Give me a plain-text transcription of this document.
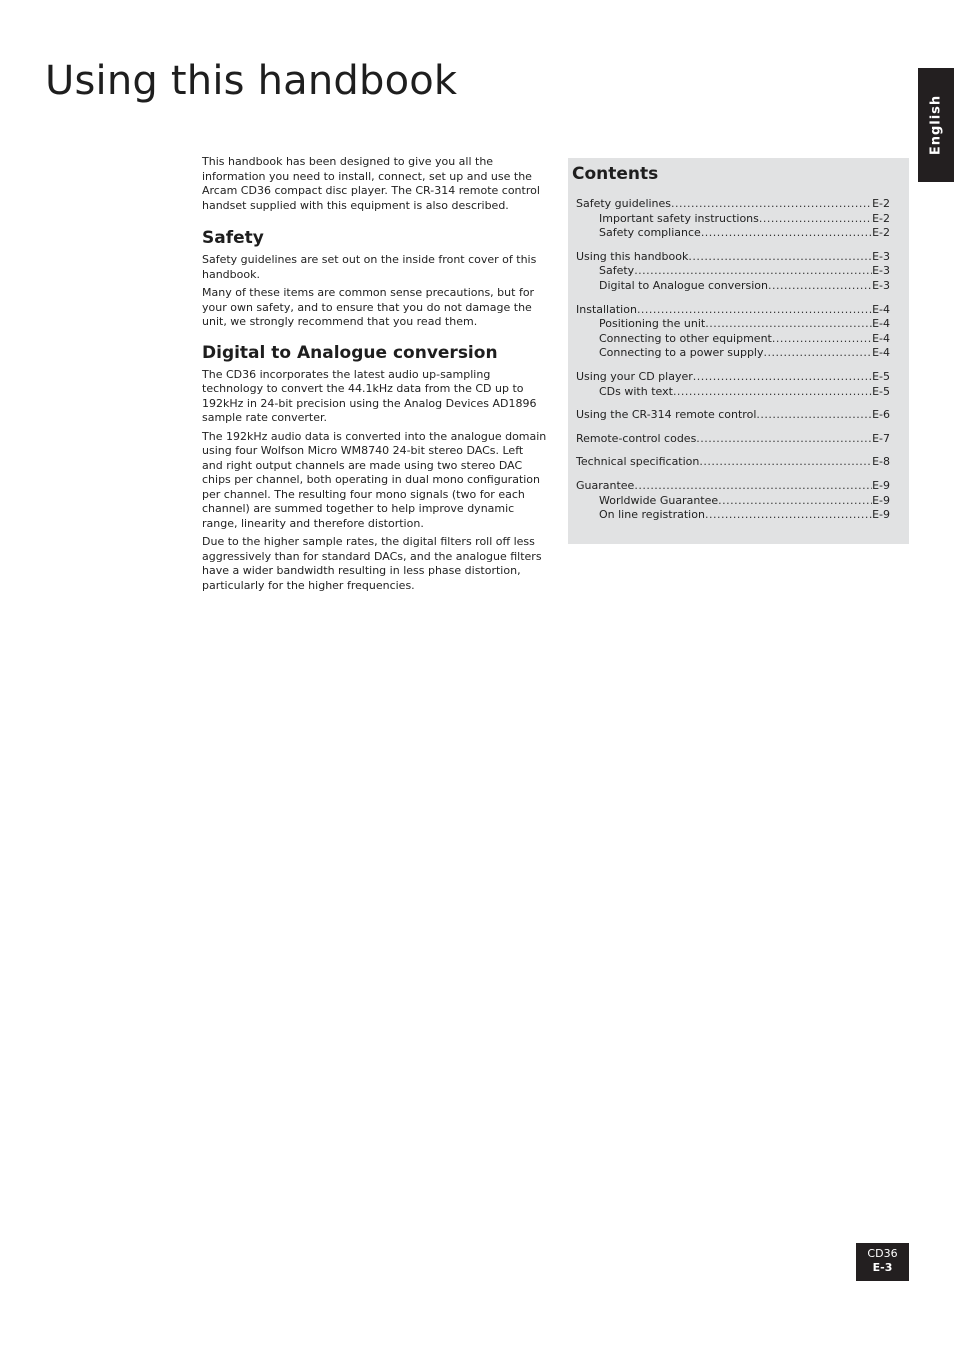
Using this handbook
English

This handbook has been designed to give you all the information you need to install, connect, set up and use the Arcam CD36 compact disc player. The CR-314 remote control handset supplied with this equipment is also described.

Safety

Safety guidelines are set out on the inside front cover of this handbook.

Many of these items are common sense precautions, but for your own safety, and to ensure that you do not damage the unit, we strongly recommend that you read them.

Digital to Analogue conversion

The CD36 incorporates the latest audio up-sampling technology to convert the 44.1kHz data from the CD up to 192kHz in 24-bit precision using the Analog Devices AD1896 sample rate converter.

The 192kHz audio data is converted into the analogue domain using four Wolfson Micro WM8740 24-bit stereo DACs. Left and right output channels are made using two stereo DAC chips per channel, both operating in dual mono configuration per channel. The resulting four mono signals (two for each channel) are summed together to help improve dynamic range, linearity and therefore distortion.

Due to the higher sample rates, the digital filters roll off less aggressively than for standard DACs, and the analogue filters have a wider bandwidth resulting in less phase distortion, particularly for the higher frequencies.

Contents
Safety guidelines .....	E-2
Important safety instructions .....	E-2
Safety compliance .....	E-2
Using this handbook .....	E-3
Safety .....	E-3
Digital to Analogue conversion .....	E-3
Installation .....	E-4
Positioning the unit .....	E-4
Connecting to other equipment .....	E-4
Connecting to a power supply .....	E-4
Using your CD player .....	E-5
CDs with text .....	E-5
Using the CR-314 remote control .....	E-6
Remote-control codes .....	E-7
Technical specification .....	E-8
Guarantee .....	E-9
Worldwide Guarantee .....	E-9
On line registration .....	E-9
CD36
E-3
